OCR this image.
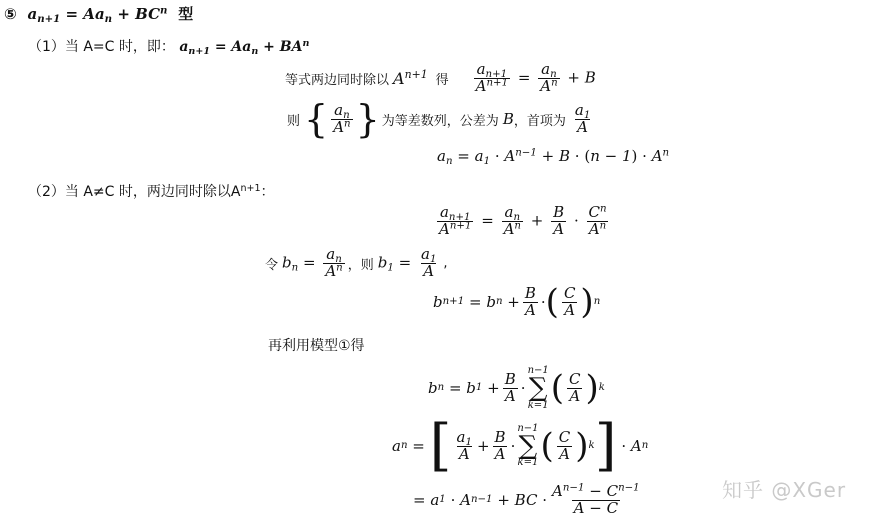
⑤ $a_{n+1} = Aa_n + BC^n$ 型
（1）当 A=C 时，即： $a_{n+1} = Aa_n + BA^n$
等式两边同时除以 $A^{n+1}$ 得 $\frac{a_{n+1}}{A^{n+1}} = \frac{a_n}{A^n} + B$
则 { $\frac{a_n}{A^n}$ } 为等差数列，公差为 B ，首项为 $\frac{a_1}{A}$
$a_n = a_1 \cdot A^{n-1} + B \cdot (n - 1) \cdot A^n$
（2）当 A≠C 时，两边同时除以$A^{n+1}$：
$\frac{a_{n+1}}{A^{n+1}} = \frac{a_n}{A^n} + \frac{B}{A} \cdot \frac{C^n}{A^n}$
令 $b_n = \frac{a_n}{A^n}$ ，则 $b_1 = \frac{a_1}{A}$ ,
b n+1
= b n
+ $\frac{B}{A}$ · ( $\frac{C}{A}$ ) n
再利用模型①得
b n
= b 1
+ $\frac{B}{A}$ ·
n−1
∑
k=1 ( $\frac{C}{A}$ ) k
a n
=
[ $\frac{a_1}{A} + \frac{B}{A}$ ·
n−1
∑
k=1 ( $\frac{C}{A}$ ) k ]
· A n
= a 1
· A n−1
+ BC · $\frac{A^{n-1} - C^{n-1}}{A - C}$	知乎 @XGer
